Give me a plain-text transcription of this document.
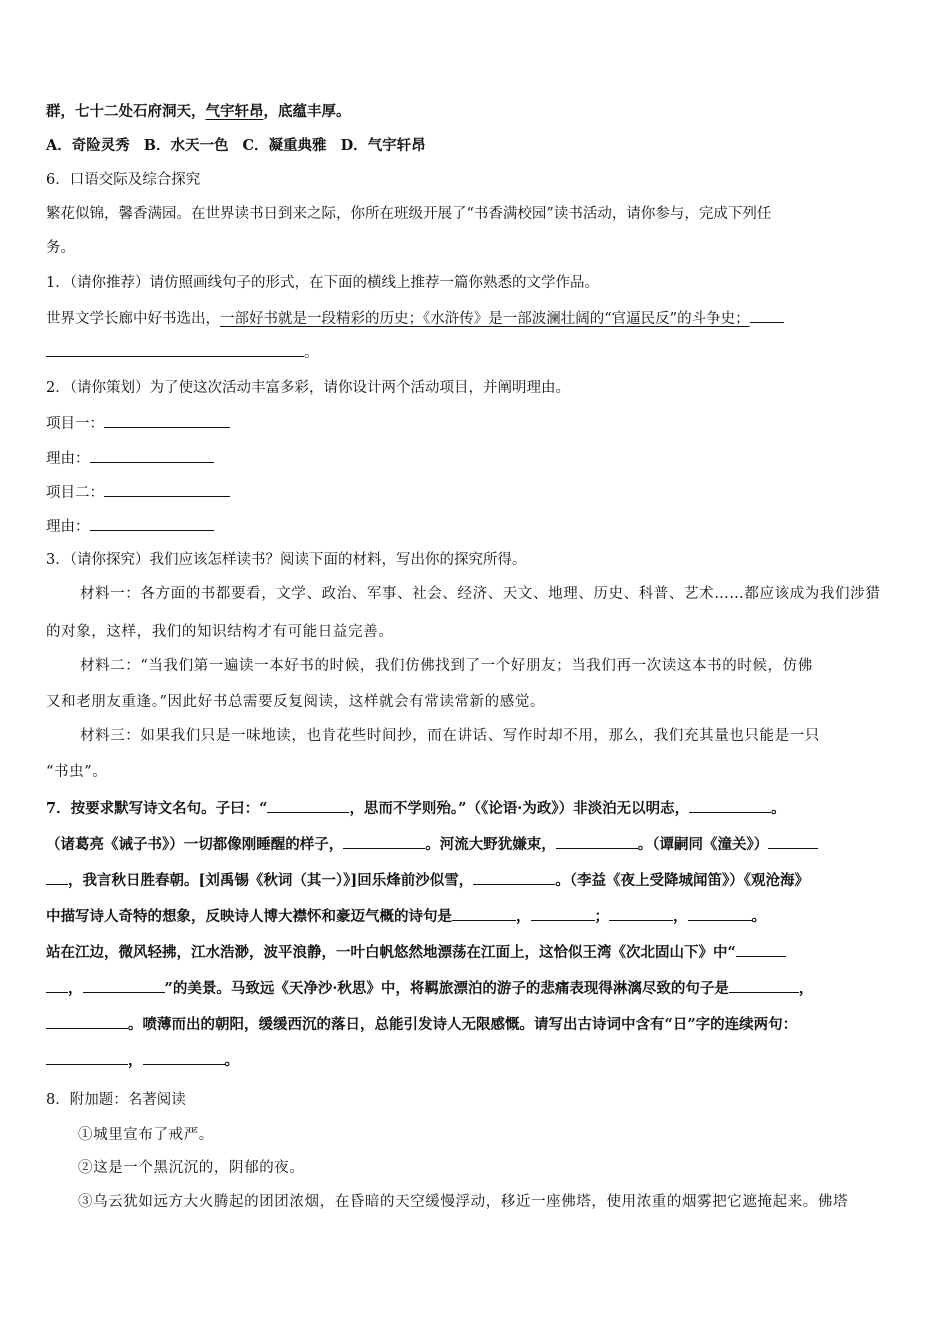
群，七十二处石府洞天，气宇轩昂，底蕴丰厚。
A．奇险灵秀 B．水天一色 C．凝重典雅 D．气宇轩昂
6．口语交际及综合探究
繁花似锦，馨香满园。在世界读书日到来之际，你所在班级开展了“书香满校园”读书活动，请你参与，完成下列任
务。
1．（请你推荐）请仿照画线句子的形式，在下面的横线上推荐一篇你熟悉的文学作品。
世界文学长廊中好书选出，一部好书就是一段精彩的历史；《水浒传》是一部波澜壮阔的“官逼民反”的斗争史；
。
2．（请你策划）为了使这次活动丰富多彩，请你设计两个活动项目，并阐明理由。
项目一：
理由：
项目二：
理由：
3．（请你探究）我们应该怎样读书？阅读下面的材料，写出你的探究所得。
材料一：各方面的书都要看，文学、政治、军事、社会、经济、天文、地理、历史、科普、艺术……都应该成为我们涉猎
的对象，这样，我们的知识结构才有可能日益完善。
材料二：“当我们第一遍读一本好书的时候，我们仿佛找到了一个好朋友；当我们再一次读这本书的时候，仿佛
又和老朋友重逢。”因此好书总需要反复阅读，这样就会有常读常新的感觉。
材料三：如果我们只是一味地读，也肯花些时间抄，而在讲话、写作时却不用，那么，我们充其量也只能是一只
“书虫”。
7．按要求默写诗文名句。子曰：“	，思而不学则殆。”（《论语·为政》）非淡泊无以明志，	。
（诸葛亮《诫子书》）一切都像刚睡醒的样子，	。河流大野犹嫌束，	。（谭嗣同《潼关》）
，我言秋日胜春朝。[刘禹锡《秋词（其一）》]回乐烽前沙似雪，	。（李益《夜上受降城闻笛》）《观沧海》
中描写诗人奇特的想象，反映诗人博大襟怀和豪迈气概的诗句是	，	；	，	。
站在江边，微风轻拂，江水浩渺，波平浪静，一叶白帆悠然地漂荡在江面上，这恰似王湾《次北固山下》中“
，	”的美景。马致远《天净沙·秋思》中，将羁旅漂泊的游子的悲痛表现得淋漓尽致的句子是	，
。喷薄而出的朝阳，缓缓西沉的落日，总能引发诗人无限感慨。请写出古诗词中含有“日”字的连续两句：
，	。
8．附加题：名著阅读
①城里宣布了戒严。
②这是一个黑沉沉的，阴郁的夜。
③乌云犹如远方大火腾起的团团浓烟，在昏暗的天空缓慢浮动，移近一座佛塔，使用浓重的烟雾把它遮掩起来。佛塔
